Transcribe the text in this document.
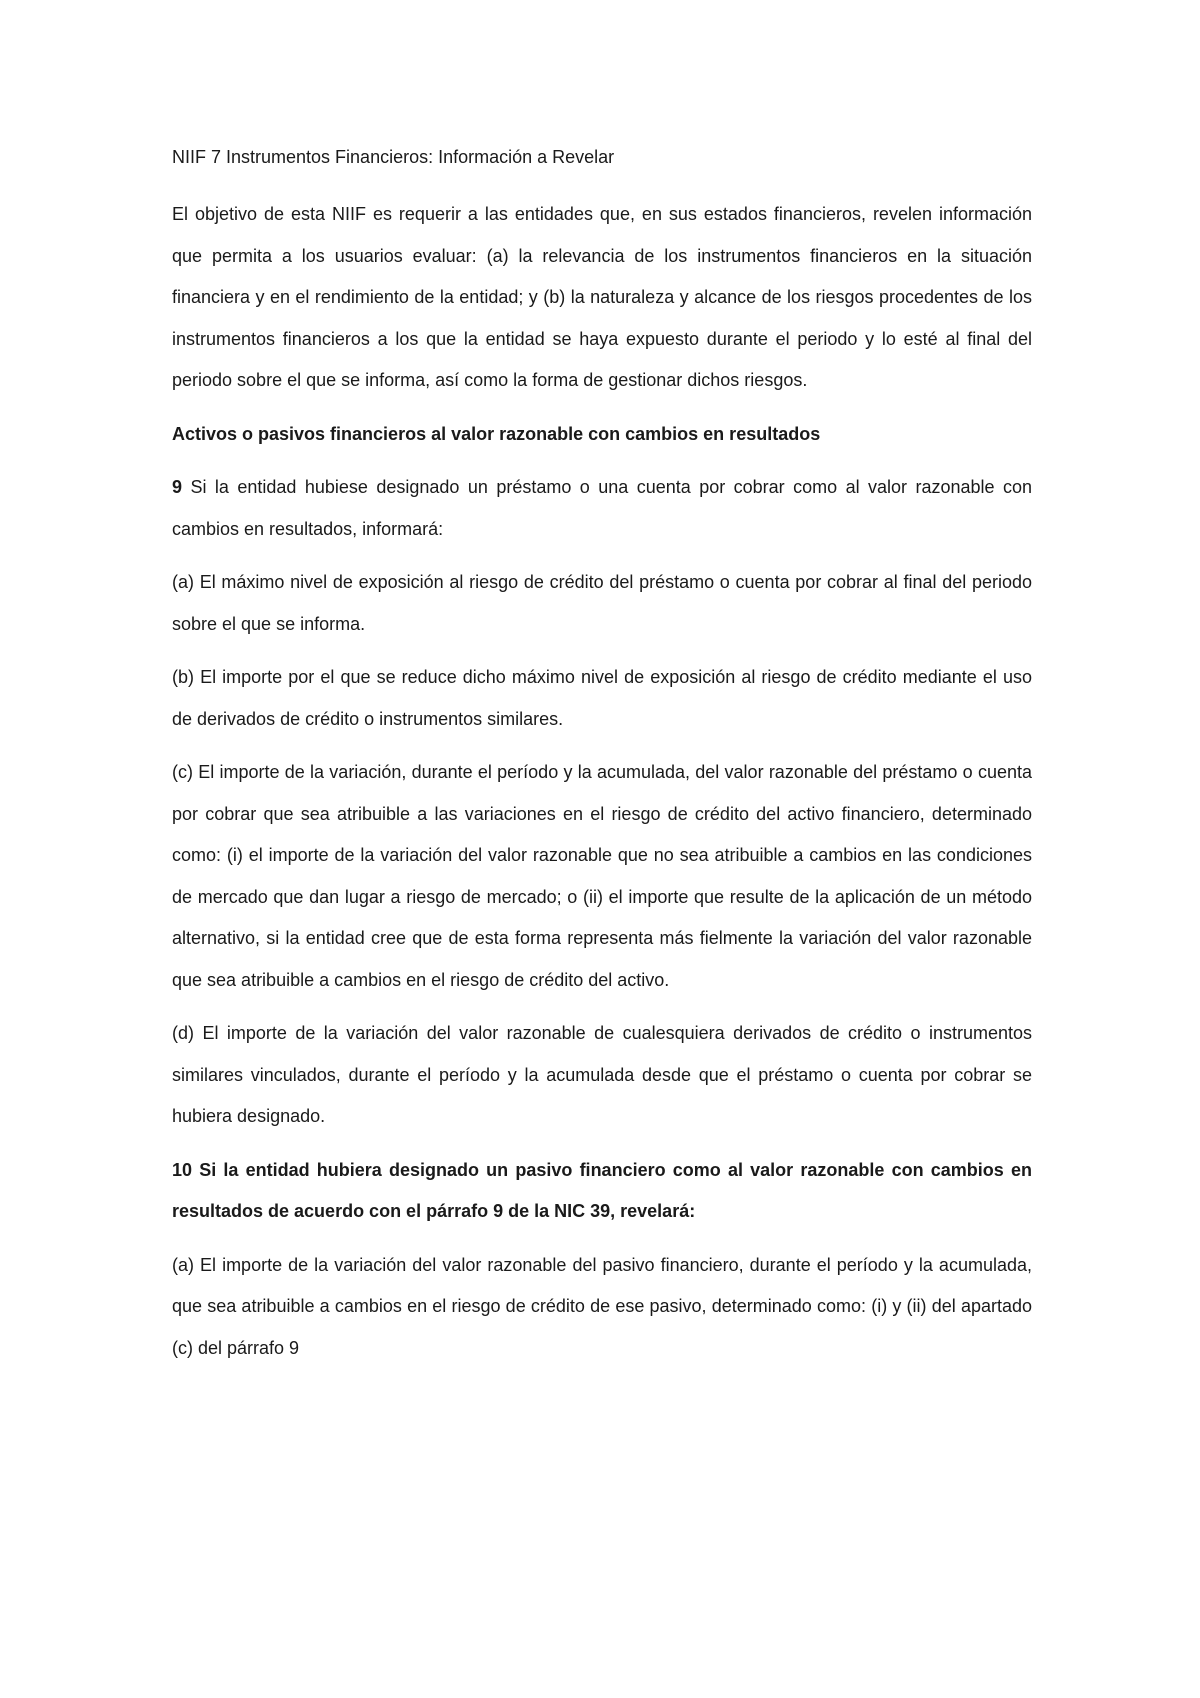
NIIF 7 Instrumentos Financieros: Información a Revelar

El objetivo de esta NIIF es requerir a las entidades que, en sus estados financieros, revelen información que permita a los usuarios evaluar: (a) la relevancia de los instrumentos financieros en la situación financiera y en el rendimiento de la entidad; y (b) la naturaleza y alcance de los riesgos procedentes de los instrumentos financieros a los que la entidad se haya expuesto durante el periodo y lo esté al final del periodo sobre el que se informa, así como la forma de gestionar dichos riesgos.

Activos o pasivos financieros al valor razonable con cambios en resultados

9 Si la entidad hubiese designado un préstamo o una cuenta por cobrar como al valor razonable con cambios en resultados, informará:

(a) El máximo nivel de exposición al riesgo de crédito del préstamo o cuenta por cobrar al final del periodo sobre el que se informa.

(b) El importe por el que se reduce dicho máximo nivel de exposición al riesgo de crédito mediante el uso de derivados de crédito o instrumentos similares.

(c) El importe de la variación, durante el período y la acumulada, del valor razonable del préstamo o cuenta por cobrar que sea atribuible a las variaciones en el riesgo de crédito del activo financiero, determinado como: (i) el importe de la variación del valor razonable que no sea atribuible a cambios en las condiciones de mercado que dan lugar a riesgo de mercado; o (ii) el importe que resulte de la aplicación de un método alternativo, si la entidad cree que de esta forma representa más fielmente la variación del valor razonable que sea atribuible a cambios en el riesgo de crédito del activo.

(d) El importe de la variación del valor razonable de cualesquiera derivados de crédito o instrumentos similares vinculados, durante el período y la acumulada desde que el préstamo o cuenta por cobrar se hubiera designado.

10 Si la entidad hubiera designado un pasivo financiero como al valor razonable con cambios en resultados de acuerdo con el párrafo 9 de la NIC 39, revelará:

(a) El importe de la variación del valor razonable del pasivo financiero, durante el período y la acumulada, que sea atribuible a cambios en el riesgo de crédito de ese pasivo, determinado como: (i) y (ii) del apartado (c) del párrafo 9
